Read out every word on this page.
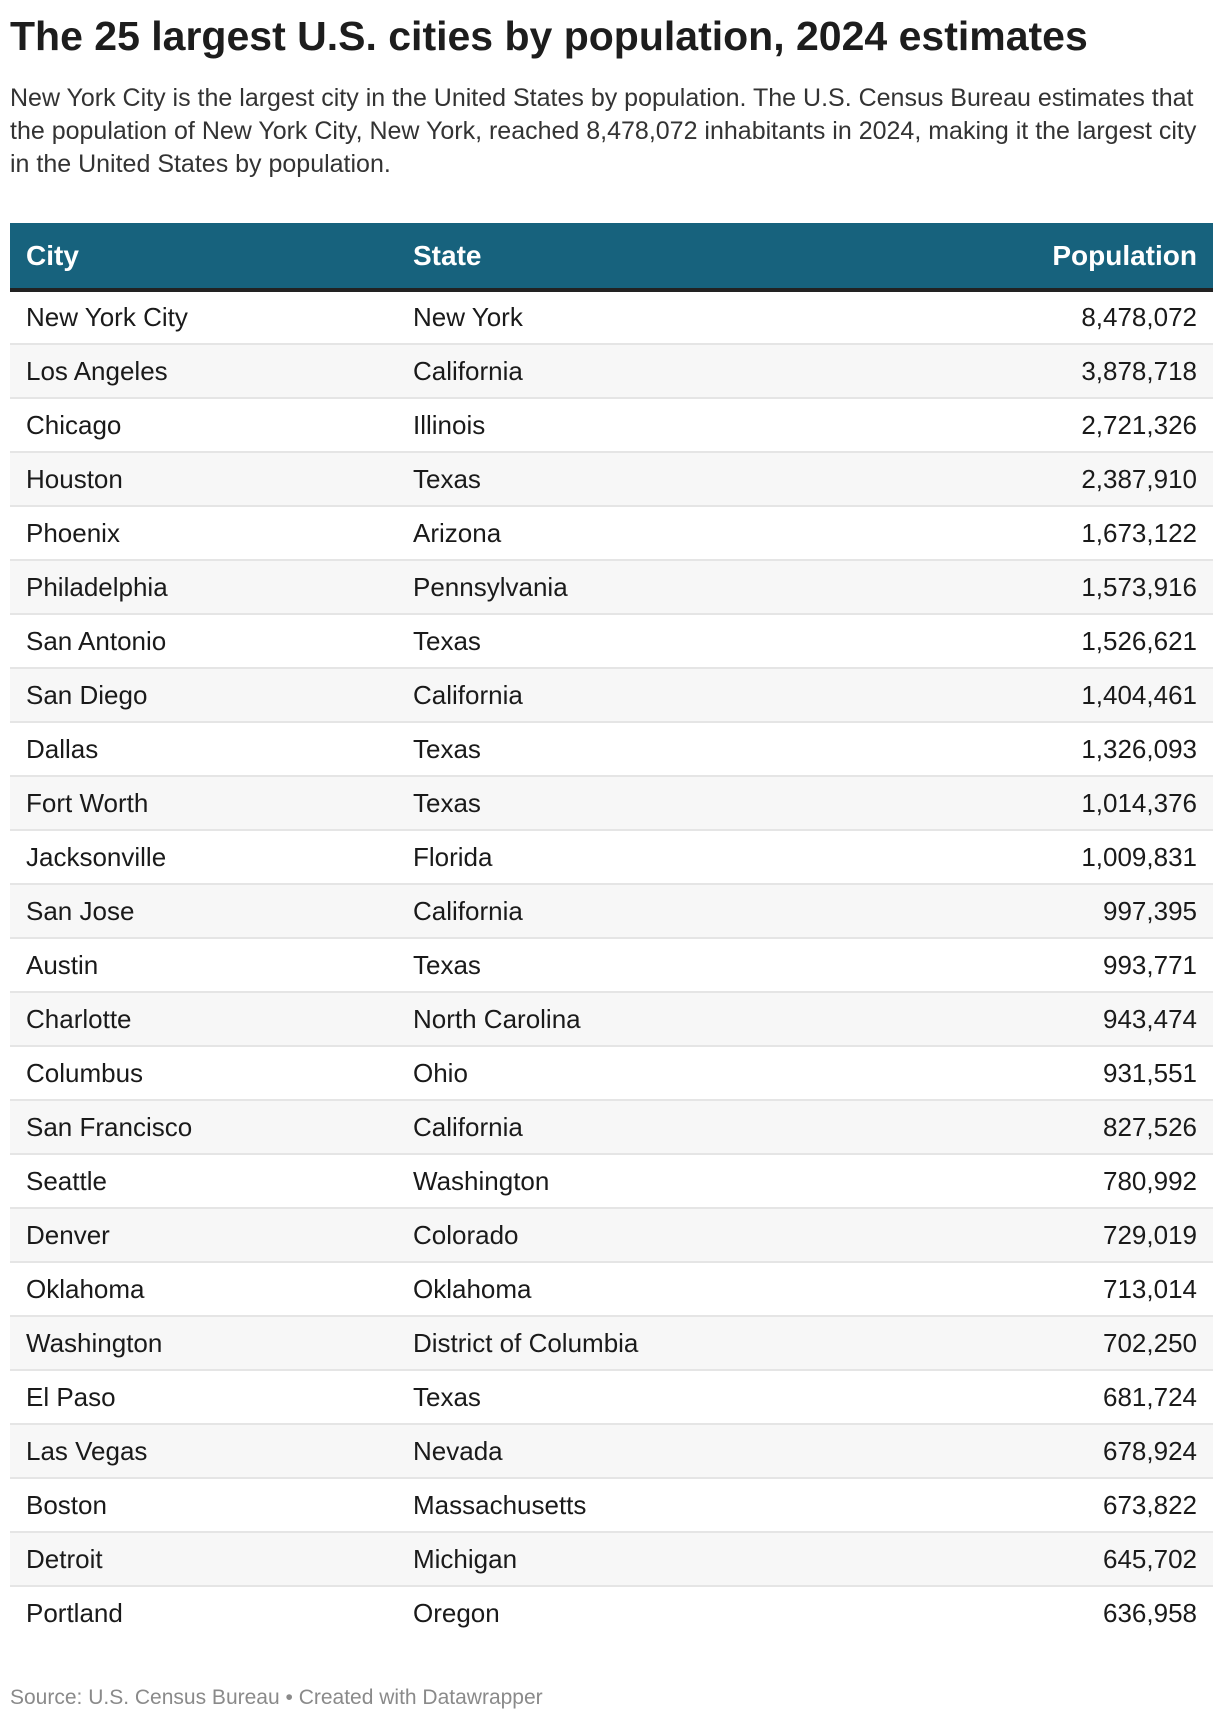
The 25 largest U.S. cities by population, 2024 estimates

New York City is the largest city in the United States by population. The U.S. Census Bureau estimates that the population of New York City, New York, reached 8,478,072 inhabitants in 2024, making it the largest city in the United States by population.

City	State	Population
New York City	New York	8,478,072
Los Angeles	California	3,878,718
Chicago	Illinois	2,721,326
Houston	Texas	2,387,910
Phoenix	Arizona	1,673,122
Philadelphia	Pennsylvania	1,573,916
San Antonio	Texas	1,526,621
San Diego	California	1,404,461
Dallas	Texas	1,326,093
Fort Worth	Texas	1,014,376
Jacksonville	Florida	1,009,831
San Jose	California	997,395
Austin	Texas	993,771
Charlotte	North Carolina	943,474
Columbus	Ohio	931,551
San Francisco	California	827,526
Seattle	Washington	780,992
Denver	Colorado	729,019
Oklahoma	Oklahoma	713,014
Washington	District of Columbia	702,250
El Paso	Texas	681,724
Las Vegas	Nevada	678,924
Boston	Massachusetts	673,822
Detroit	Michigan	645,702
Portland	Oregon	636,958
Source: U.S. Census Bureau • Created with Datawrapper
